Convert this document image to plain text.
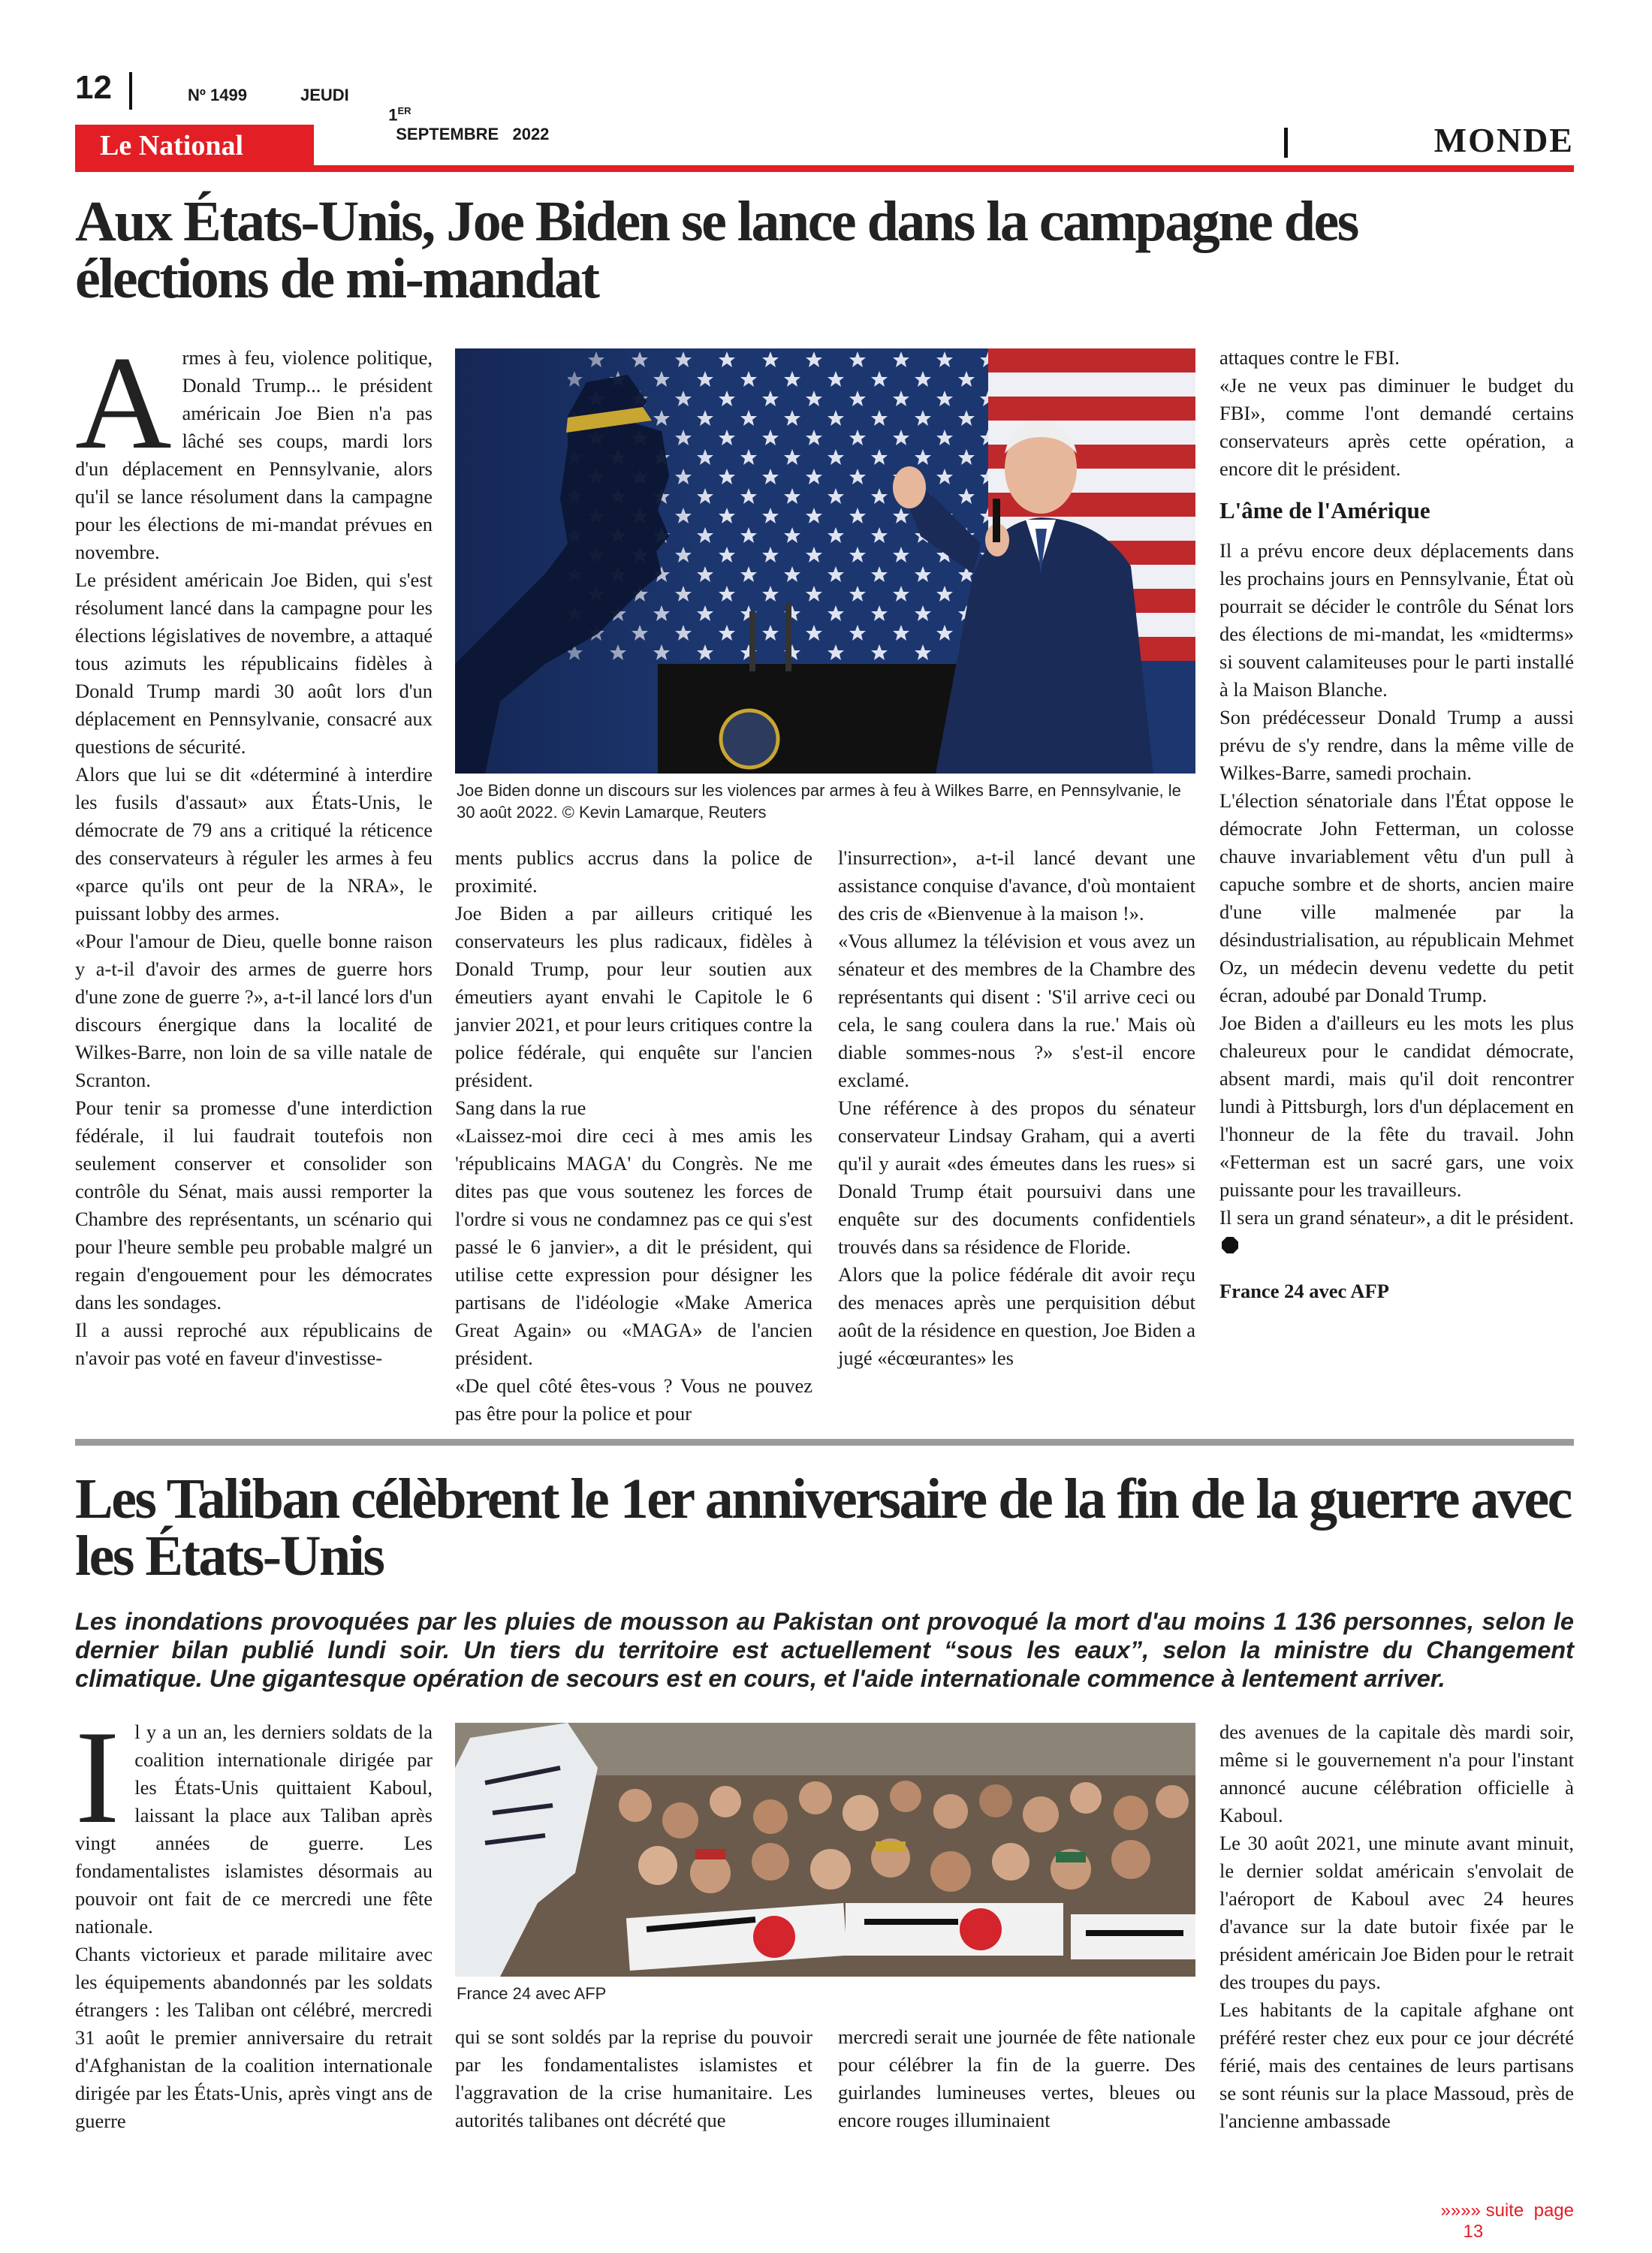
12	Nº 1499	JEUDI

1ER
SEPTEMBRE   2022

Le National	MONDE
Aux États-Unis, Joe Biden se lance dans la campagne des élections de mi-mandat
A rmes à feu, violence politique, Donald Trump... le président américain Joe Bien n'a pas lâché ses coups, mardi lors d'un déplacement en Pennsylvanie, alors qu'il se lance résolument dans la campagne pour les élections de mi-mandat prévues en novembre.

Le président américain Joe Biden, qui s'est résolument lancé dans la campagne pour les élections législatives de novembre, a attaqué tous azimuts les républicains fidèles à Donald Trump mardi 30 août lors d'un déplacement en Pennsylvanie, consacré aux questions de sécurité.

Alors que lui se dit «déterminé à interdire les fusils d'assaut» aux États-Unis, le démocrate de 79 ans a critiqué la réticence des conservateurs à réguler les armes à feu «parce qu'ils ont peur de la NRA», le puissant lobby des armes.

«Pour l'amour de Dieu, quelle bonne raison y a-t-il d'avoir des armes de guerre hors d'une zone de guerre ?», a-t-il lancé lors d'un discours énergique dans la localité de Wilkes-Barre, non loin de sa ville natale de Scranton.

Pour tenir sa promesse d'une interdiction fédérale, il lui faudrait toutefois non seulement conserver et consolider son contrôle du Sénat, mais aussi remporter la Chambre des représentants, un scénario qui pour l'heure semble peu probable malgré un regain d'engouement pour les démocrates dans les sondages.

Il a aussi reproché aux républicains de n'avoir pas voté en faveur d'investisse-

Joe Biden donne un discours sur les violences par armes à feu à Wilkes Barre, en Pennsylvanie, le 30 août 2022. © Kevin Lamarque, Reuters

ments publics accrus dans la police de proximité.

Joe Biden a par ailleurs critiqué les conservateurs les plus radicaux, fidèles à Donald Trump, pour leur soutien aux émeutiers ayant envahi le Capitole le 6 janvier 2021, et pour leurs critiques contre la police fédérale, qui enquête sur l'ancien président.

Sang dans la rue

«Laissez-moi dire ceci à mes amis les 'républicains MAGA' du Congrès. Ne me dites pas que vous soutenez les forces de l'ordre si vous ne condamnez pas ce qui s'est passé le 6 janvier», a dit le président, qui utilise cette expression pour désigner les partisans de l'idéologie «Make America Great Again» ou «MAGA» de l'ancien président.

«De quel côté êtes-vous ? Vous ne pouvez pas être pour la police et pour

l'insurrection», a-t-il lancé devant une assistance conquise d'avance, d'où montaient des cris de «Bienvenue à la maison !».

«Vous allumez la télévision et vous avez un sénateur et des membres de la Chambre des représentants qui disent : 'S'il arrive ceci ou cela, le sang coulera dans la rue.' Mais où diable sommes-nous ?» s'est-il encore exclamé.

Une référence à des propos du sénateur conservateur Lindsay Graham, qui a averti qu'il y aurait «des émeutes dans les rues» si Donald Trump était poursuivi dans une enquête sur des documents confidentiels trouvés dans sa résidence de Floride.

Alors que la police fédérale dit avoir reçu des menaces après une perquisition début août de la résidence en question, Joe Biden a jugé «écœurantes» les

attaques contre le FBI.

«Je ne veux pas diminuer le budget du FBI», comme l'ont demandé certains conservateurs après cette opération, a encore dit le président.

L'âme de l'Amérique

Il a prévu encore deux déplacements dans les prochains jours en Pennsylvanie, État où pourrait se décider le contrôle du Sénat lors des élections de mi-mandat, les «midterms» si souvent calamiteuses pour le parti installé à la Maison Blanche.

Son prédécesseur Donald Trump a aussi prévu de s'y rendre, dans la même ville de Wilkes-Barre, samedi prochain.

L'élection sénatoriale dans l'État oppose le démocrate John Fetterman, un colosse chauve invariablement vêtu d'un pull à capuche sombre et de shorts, ancien maire d'une ville malmenée par la désindustrialisation, au républicain Mehmet Oz, un médecin devenu vedette du petit écran, adoubé par Donald Trump.

Joe Biden a d'ailleurs eu les mots les plus chaleureux pour le candidat démocrate, absent mardi, mais qu'il doit rencontrer lundi à Pittsburgh, lors d'un déplacement en l'honneur de la fête du travail. John «Fetterman est un sacré gars, une voix puissante pour les travailleurs.

Il sera un grand sénateur», a dit le président.

France 24 avec AFP

Les Taliban célèbrent le 1er anniversaire de la fin de la guerre avec les États-Unis
Les inondations provoquées par les pluies de mousson au Pakistan ont provoqué la mort d'au moins 1 136 personnes, selon le dernier bilan publié lundi soir. Un tiers du territoire est actuellement “sous les eaux”, selon la ministre du Changement climatique. Une gigantesque opération de secours est en cours, et l'aide internationale commence à lentement arriver.
I l y a un an, les derniers soldats de la coalition internationale dirigée par les États-Unis quittaient Kaboul, laissant la place aux Taliban après vingt années de guerre. Les fondamentalistes islamistes désormais au pouvoir ont fait de ce mercredi une fête nationale.

Chants victorieux et parade militaire avec les équipements abandonnés par les soldats étrangers : les Taliban ont célébré, mercredi 31 août le premier anniversaire du retrait d'Afghanistan de la coalition internationale dirigée par les États-Unis, après vingt ans de guerre

France 24 avec AFP

qui se sont soldés par la reprise du pouvoir par les fondamentalistes islamistes et l'aggravation de la crise humanitaire. Les autorités talibanes ont décrété que

mercredi serait une journée de fête nationale pour célébrer la fin de la guerre. Des guirlandes lumineuses vertes, bleues ou encore rouges illuminaient

des avenues de la capitale dès mardi soir, même si le gouvernement n'a pour l'instant annoncé aucune célébration officielle à Kaboul.

Le 30 août 2021, une minute avant minuit, le dernier soldat américain s'envolait de l'aéroport de Kaboul avec 24 heures d'avance sur la date butoir fixée par le président américain Joe Biden pour le retrait des troupes du pays.

Les habitants de la capitale afghane ont préféré rester chez eux pour ce jour décrété férié, mais des centaines de leurs partisans se sont réunis sur la place Massoud, près de l'ancienne ambassade

»»»» suite  page
13
